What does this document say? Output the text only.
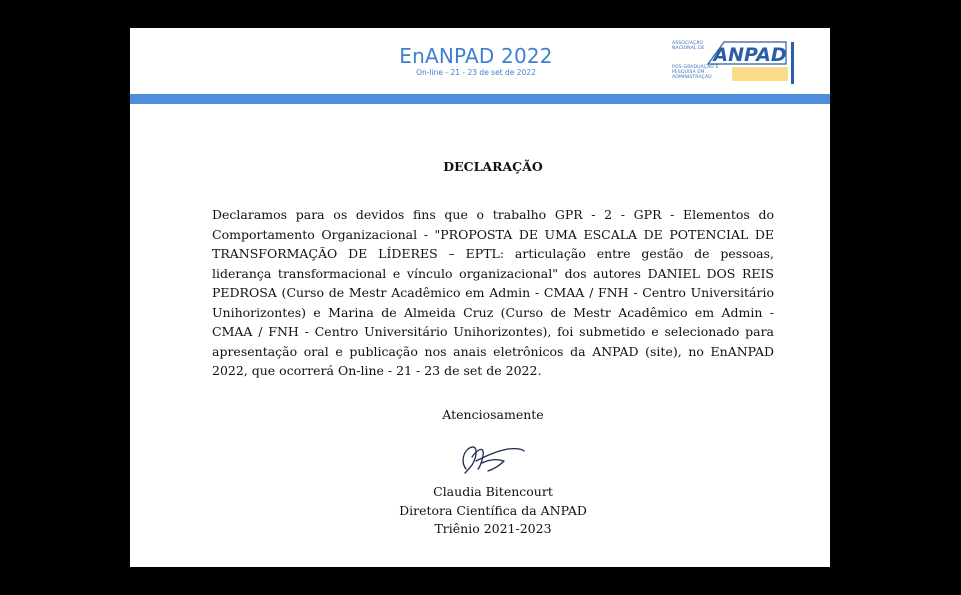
EnANPAD 2022
On-line - 21 - 23 de set de 2022
ASSOCIAÇÃO NACIONAL DE ANPAD
PÓS-GRADUAÇÃO E PESQUISA EM ADMINISTRAÇÃO
DECLARAÇÃO
Declaramos para os devidos fins que o trabalho GPR - 2 - GPR - Elementos do Comportamento Organizacional - "PROPOSTA DE UMA ESCALA DE POTENCIAL DE TRANSFORMAÇÃO DE LÍDERES – EPTL: articulação entre gestão de pessoas, liderança transformacional e vínculo organizacional" dos autores DANIEL DOS REIS PEDROSA (Curso de Mestr Acadêmico em Admin - CMAA / FNH - Centro Universitário Unihorizontes) e Marina de Almeida Cruz (Curso de Mestr Acadêmico em Admin - CMAA / FNH - Centro Universitário Unihorizontes), foi submetido e selecionado para apresentação oral e publicação nos anais eletrônicos da ANPAD (site), no EnANPAD 2022, que ocorrerá On-line - 21 - 23 de set de 2022.
Atenciosamente
Claudia Bitencourt
Diretora Científica da ANPAD
Triênio 2021-2023
